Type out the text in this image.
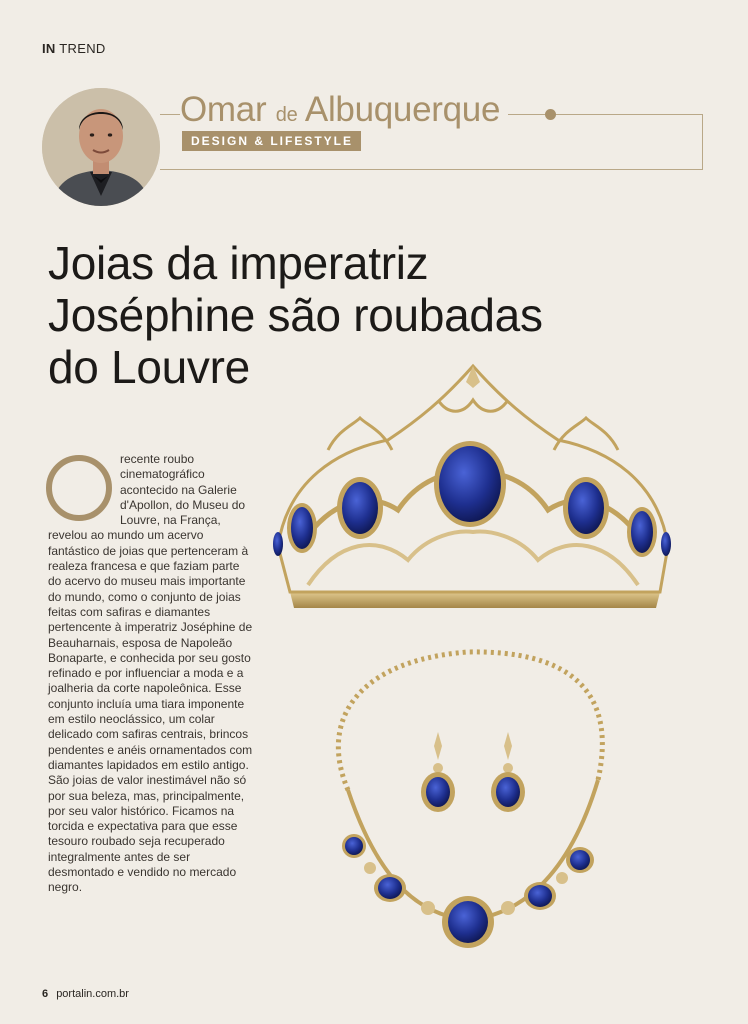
IN TREND
Omar de Albuquerque
DESIGN & LIFESTYLE
Joias da imperatriz
Joséphine são roubadas
do Louvre
recente roubo cinematográfico acontecido na Galerie d'Apollon, do Museu do Louvre, na França, revelou ao mundo um acervo fantástico de joias que pertenceram à realeza francesa e que faziam parte do acervo do museu mais importante do mundo, como o conjunto de joias feitas com safiras e diamantes pertencente à imperatriz Joséphine de Beauharnais, esposa de Napoleão Bonaparte, e conhecida por seu gosto refinado e por influenciar a moda e a joalheria da corte napoleônica. Esse conjunto incluía uma tiara imponente em estilo neoclássico, um colar delicado com safiras centrais, brincos pendentes e anéis ornamentados com diamantes lapidados em estilo antigo. São joias de valor inestimável não só por sua beleza, mas, principalmente, por seu valor histórico. Ficamos na torcida e expectativa para que esse tesouro roubado seja recuperado integralmente antes de ser desmontado e vendido no mercado negro.
6 portalin.com.br
